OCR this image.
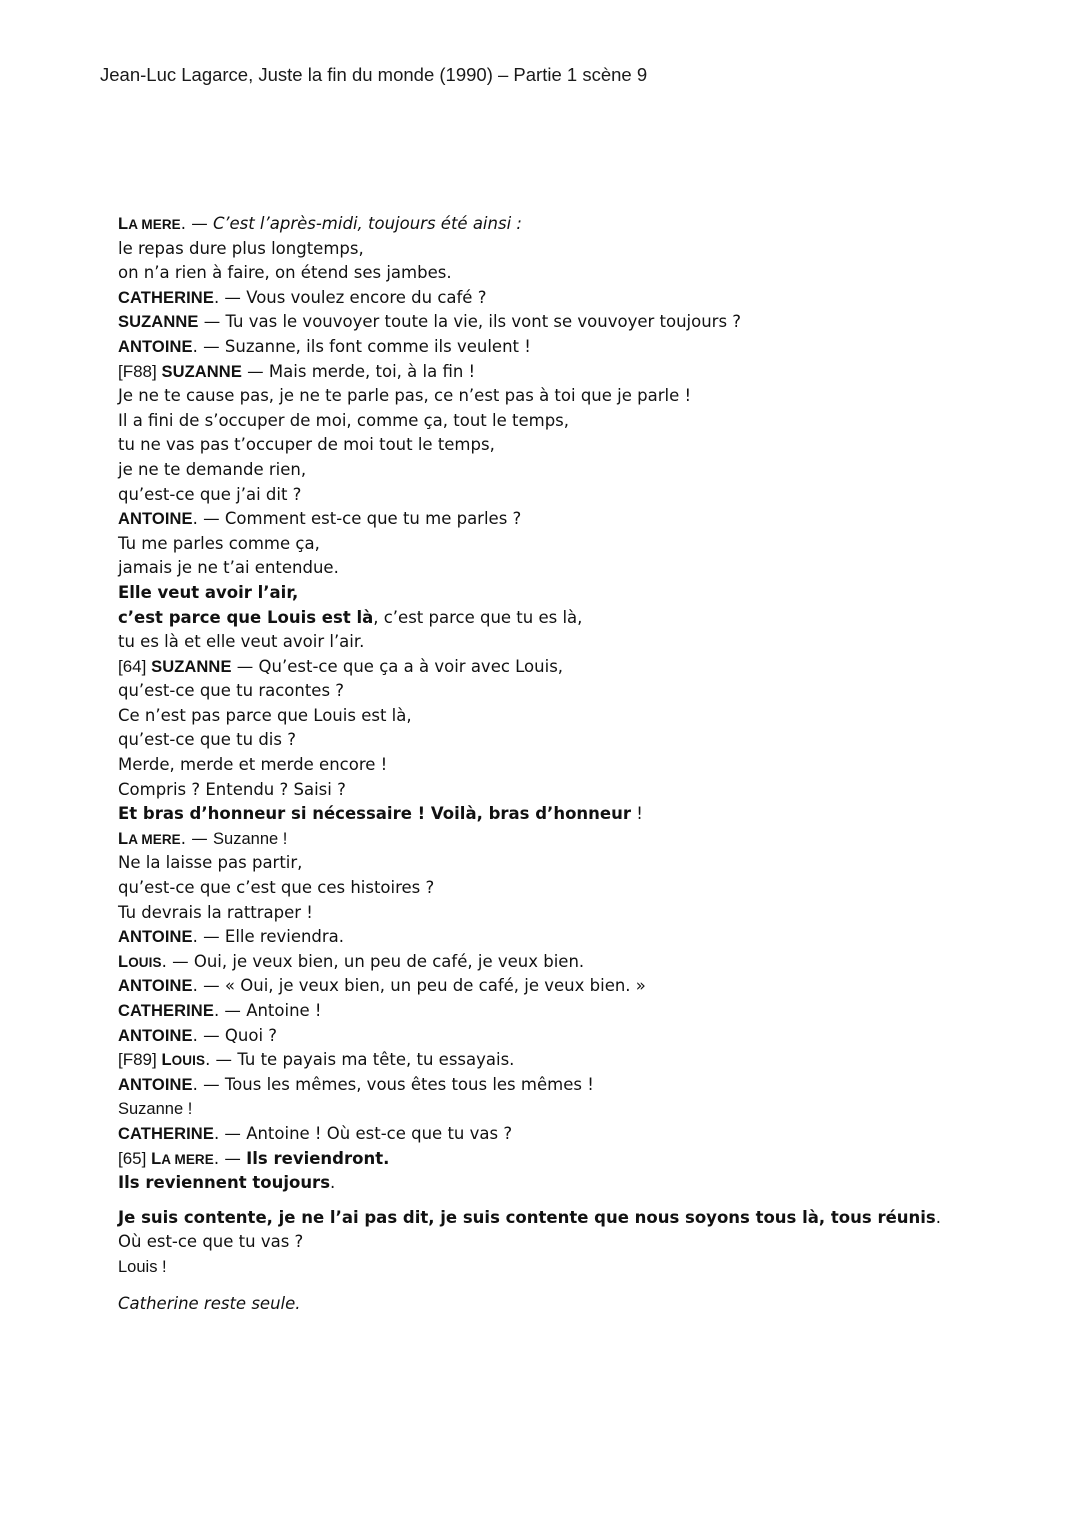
Jean-Luc Lagarce, Juste la fin du monde (1990) – Partie 1 scène 9
LA MERE. — C’est l’après-midi, toujours été ainsi :
le repas dure plus longtemps,
on n’a rien à faire, on étend ses jambes.
CATHERINE. — Vous voulez encore du café ?
SUZANNE — Tu vas le vouvoyer toute la vie, ils vont se vouvoyer toujours ?
ANTOINE. — Suzanne, ils font comme ils veulent !
[F88] SUZANNE — Mais merde, toi, à la fin !
Je ne te cause pas, je ne te parle pas, ce n’est pas à toi que je parle !
Il a fini de s’occuper de moi, comme ça, tout le temps,
tu ne vas pas t’occuper de moi tout le temps,
je ne te demande rien,
qu’est-ce que j’ai dit ?
ANTOINE. — Comment est-ce que tu me parles ?
Tu me parles comme ça,
jamais je ne t’ai entendue.
Elle veut avoir l’air,
c’est parce que Louis est là, c’est parce que tu es là,
tu es là et elle veut avoir l’air.
[64] SUZANNE — Qu’est-ce que ça a à voir avec Louis,
qu’est-ce que tu racontes ?
Ce n’est pas parce que Louis est là,
qu’est-ce que tu dis ?
Merde, merde et merde encore !
Compris ? Entendu ? Saisi ?
Et bras d’honneur si nécessaire ! Voilà, bras d’honneur !
LA MERE. — Suzanne !
Ne la laisse pas partir,
qu’est-ce que c’est que ces histoires ?
Tu devrais la rattraper !
ANTOINE. — Elle reviendra.
LOUIS. — Oui, je veux bien, un peu de café, je veux bien.
ANTOINE. — « Oui, je veux bien, un peu de café, je veux bien. »
CATHERINE. — Antoine !
ANTOINE. — Quoi ?
[F89] LOUIS. — Tu te payais ma tête, tu essayais.
ANTOINE. — Tous les mêmes, vous êtes tous les mêmes !
Suzanne !
CATHERINE. — Antoine ! Où est-ce que tu vas ?
[65] LA MERE. — Ils reviendront.
Ils reviennent toujours.
Je suis contente, je ne l’ai pas dit, je suis contente que nous soyons tous là, tous réunis.
Où est-ce que tu vas ?
Louis !
Catherine reste seule.
